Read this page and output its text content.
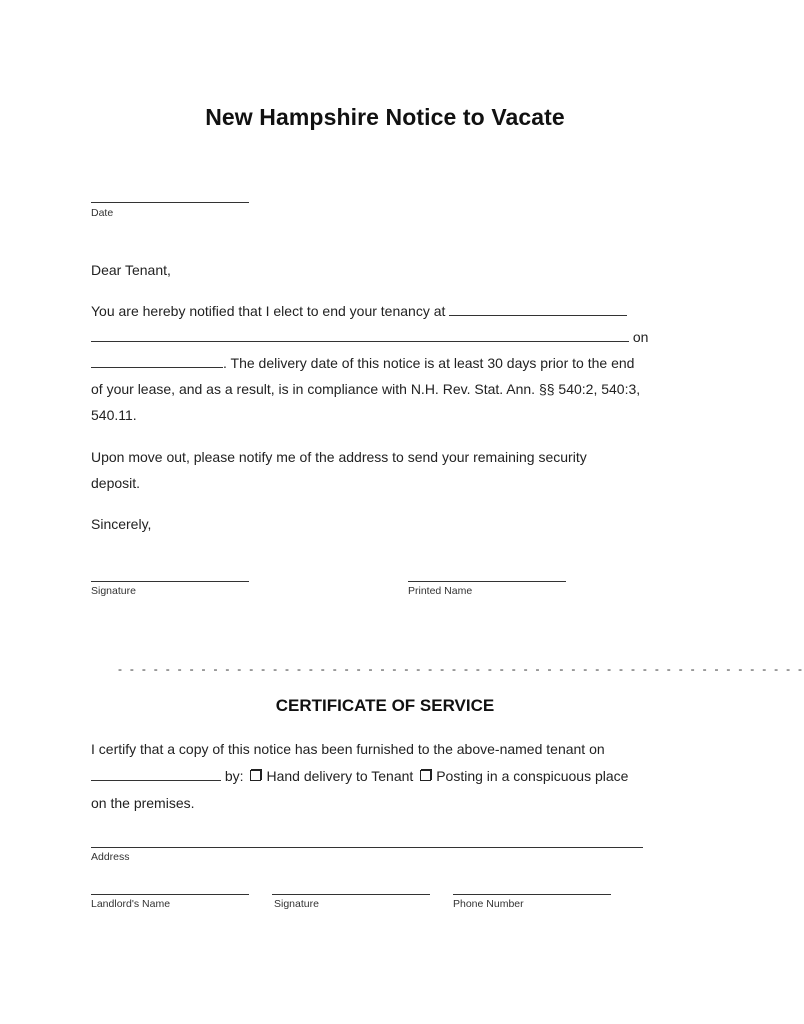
New Hampshire Notice to Vacate
Date
Dear Tenant,
You are hereby notified that I elect to end your tenancy at
on
. The delivery date of this notice is at least 30 days prior to the end
of your lease, and as a result, is in compliance with N.H. Rev. Stat. Ann. §§ 540:2, 540:3,
540.11.
Upon move out, please notify me of the address to send your remaining security
deposit.
Sincerely,
Signature	Printed Name
- - - - - - - - - - - - - - - - - - - - - - - - - - - - - - - - - - - - - - - - - - - - - - - - - - - - - - - - - -
CERTIFICATE OF SERVICE
I certify that a copy of this notice has been furnished to the above-named tenant on
by: Hand delivery to Tenant Posting in a conspicuous place
on the premises.
Address
Landlord's Name	Signature	Phone Number
